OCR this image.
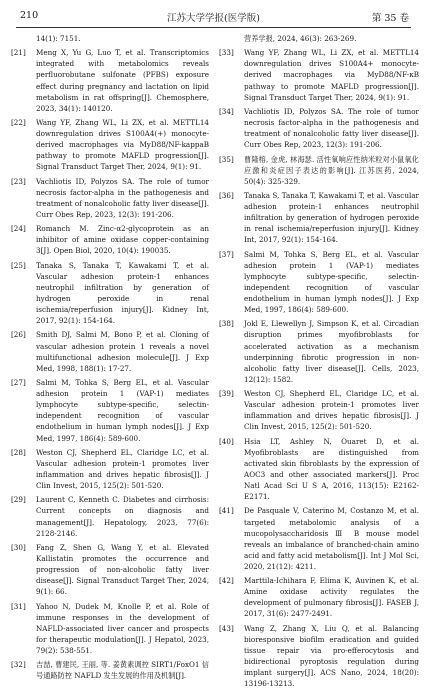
210	江苏大学学报(医学版)	第 35 卷
14(1): 7151.
[21] Meng X, Yu G, Luo T, et al. Transcriptomics integrated with metabolomics reveals perfluorobutane sulfonate (PFBS) exposure effect during pregnancy and lactation on lipid metabolism in rat offspring[J]. Chemosphere, 2023, 34(1): 140120.
[22] Wang YF, Zhang WL, Li ZX, et al. METTL14 downregulation drives S100A4(+) monocyte-derived macrophages via MyD88/NF-kappaB pathway to promote MAFLD progression[J]. Signal Transduct Target Ther, 2024, 9(1): 91.
[23] Vachliotis ID, Polyzos SA. The role of tumor necrosis factor-alpha in the pathogenesis and treatment of nonalcoholic fatty liver disease[J]. Curr Obes Rep, 2023, 12(3): 191-206.
[24] Romanch M. Zinc-α2-glycoprotein as an inhibitor of amine oxidase copper-containing 3[J]. Open Biol, 2020, 10(4): 190035.
[25] Tanaka S, Tanaka T, Kawakami T, et al. Vascular adhesion protein-1 enhances neutrophil infiltration by generation of hydrogen peroxide in renal ischemia/reperfusion injury[J]. Kidney Int, 2017, 92(1): 154-164.
[26] Smith DJ, Salmi M, Bono P, et al. Cloning of vascular adhesion protein 1 reveals a novel multifunctional adhesion molecule[J]. J Exp Med, 1998, 188(1): 17-27.
[27] Salmi M, Tohka S, Berg EL, et al. Vascular adhesion protein 1 (VAP-1) mediates lymphocyte subtype-specific, selectin-independent recognition of vascular endothelium in human lymph nodes[J]. J Exp Med, 1997, 186(4): 589-600.
[28] Weston CJ, Shepherd EL, Claridge LC, et al. Vascular adhesion protein-1 promotes liver inflammation and drives hepatic fibrosis[J]. J Clin Invest, 2015, 125(2): 501-520.
[29] Laurent C, Kenneth C. Diabetes and cirrhosis: Current concepts on diagnosis and management[J]. Hepatology, 2023, 77(6): 2128-2146.
[30] Fang Z, Shen G, Wang Y, et al. Elevated Kallistatin promotes the occurrence and progression of non-alcoholic fatty liver disease[J]. Signal Transduct Target Ther, 2024, 9(1): 66.
[31] Yahoo N, Dudek M, Knolle P, et al. Role of immune responses in the development of NAFLD-associated liver cancer and prospects for therapeutic modulation[J]. J Hepatol, 2023, 79(2): 538-551.
[32] 吉喆, 曹建民, 王丽, 等. 姜黄素调控 SIRT1/FoxO1 信号通路防控 NAFLD 发生发展的作用及机制[J].
营养学报, 2024, 46(3): 263-269.
[33] Wang YF, Zhang WL, Li ZX, et al. METTL14 downregulation drives S100A4+ monocyte-derived macrophages via MyD88/NF-κB pathway to promote MAFLD progression[J]. Signal Transduct Target Ther, 2024, 9(1): 91.
[34] Vachliotis ID, Polyzos SA. The role of tumor necrosis factor-alpha in the pathogenesis and treatment of nonalcoholic fatty liver disease[J]. Curr Obes Rep, 2023, 12(3): 191-206.
[35] 曹隆榕, 金虎, 林海瑟. 活性氧响应性纳米粒对小鼠氧化应激和炎症因子表达的影响[J]. 江苏医药, 2024, 50(4): 325-329.
[36] Tanaka S, Tanaka T, Kawakami T, et al. Vascular adhesion protein-1 enhances neutrophil infiltration by generation of hydrogen peroxide in renal ischemia/reperfusion injury[J]. Kidney Int, 2017, 92(1): 154-164.
[37] Salmi M, Tohka S, Berg EL, et al. Vascular adhesion protein 1 (VAP-1) mediates lymphocyte subtype-specific, selectin-independent recognition of vascular endothelium in human lymph nodes[J]. J Exp Med, 1997, 186(4): 589-600.
[38] Jokl E, Llewellyn J, Simpson K, et al. Circadian disruption primes myofibroblasts for accelerated activation as a mechanism underpinning fibrotic progression in non-alcoholic fatty liver disease[J]. Cells, 2023, 12(12): 1582.
[39] Weston CJ, Shepherd EL, Claridge LC, et al. Vascular adhesion protein-1 promotes liver inflammation and drives hepatic fibrosis[J]. J Clin Invest, 2015, 125(2): 501-520.
[40] Hsia LT, Ashley N, Ouaret D, et al. Myofibroblasts are distinguished from activated skin fibroblasts by the expression of AOC3 and other associated markers[J]. Proc Natl Acad Sci U S A, 2016, 113(15): E2162-E2171.
[41] De Pasquale V, Caterino M, Costanzo M, et al. targeted metabolomic analysis of a mucopolysaccharidosis Ⅲ B mouse model reveals an imbalance of branched-chain amino acid and fatty acid metabolism[J]. Int J Mol Sci, 2020, 21(12): 4211.
[42] Marttila-Ichihara F, Elima K, Auvinen K, et al. Amine oxidase activity regulates the development of pulmonary fibrosis[J]. FASEB J, 2017, 31(6): 2477-2491.
[43] Wang Z, Zhang X, Liu Q, et al. Balancing bioresponsive biofilm eradication and guided tissue repair via pro-efferocytosis and bidirectional pyroptosis regulation during implant surgery[J]. ACS Nano, 2024, 18(20): 13196-13213.
